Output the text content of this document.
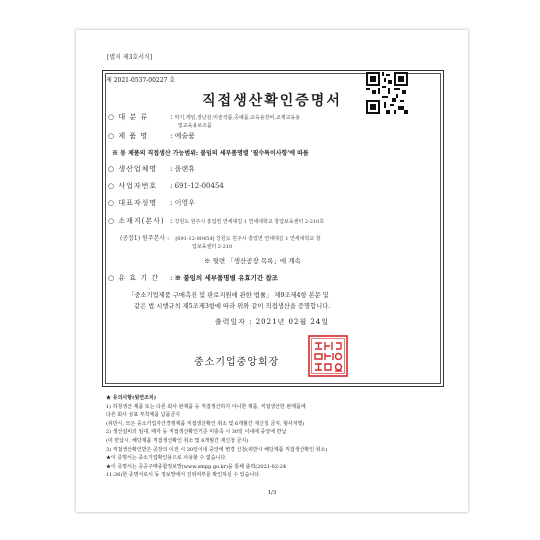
[별지 제3호서식]
제 2021-0537-00227 호
직접생산확인증명서
○ 대 분 류	: 악기,게임,장난감,미술작품,공예품,교육용장비,교재교육용
및교육용보조품
○ 제 품 명	: 예술품
※ 동 제품의 직접생산 가능범위: 붙임의 세부품명별 '필수특이사항'에 따름
○ 생산업체명 : 플랜휴
○ 사업자번호 : 691-12-00454
○ 대표자성명 : 이영우
○ 소재지(본사) : 강원도 원주시 흥업면 연세대길 1 연세대학교 창업보육센터 2-210호
(공장1) 원주본사 : [691-12-00454] 강원도 원주시 흥업면 연세대길 1 연세대학교 창
업보육센터 2-210
※ 뒷면 「생산공장 목록」에 계속
○ 유 효 기 간 : ※ 붙임의 세부품명별 유효기간 참조
「중소기업제품 구매촉진 및 판로지원에 관한 법률」 제9조제4항 본문 및
같은 법 시행규칙 제5조제3항에 따라 위와 같이 직접생산을 증명합니다.
출력일자 : 2021년 02월 24일
중소기업중앙회장
★ 유의사항(뒷면조치)
1) 하청생산 제품 또는 다른 회사 완제품 등 직접생산하지 아니한 제품, 직접생산한 완제품에
다른 회사 상표 부착제품 납품금지
(위반시, 모든 중소기업자간경쟁제품 직접생산확인 취소 및 6개월간 재신청 금지, 형사처벌)
2) 생산설비의 임대, 매각 등 직접생산확인기준 미충족 시 30일 이내에 중앙에 반납
(미 반납시, 해당제품 직접생산확인 취소 및 6개월간 재신청 금지)
3) 직접생산확인받은 공장의 이전 시 30일이내 중앙에 변경 신청(위반시 해당제품 직접생산확인 취소)
★이 증명서는 중소기업확인용으로 사용할 수 없습니다.
★이 증명서는 공공구매종합정보망(www.smpp.go.kr)을 통해 출력(2021-02-24
11:36)한 증명서로서 동 정보망에서 진위여부를 확인하실 수 있습니다.
1/3
